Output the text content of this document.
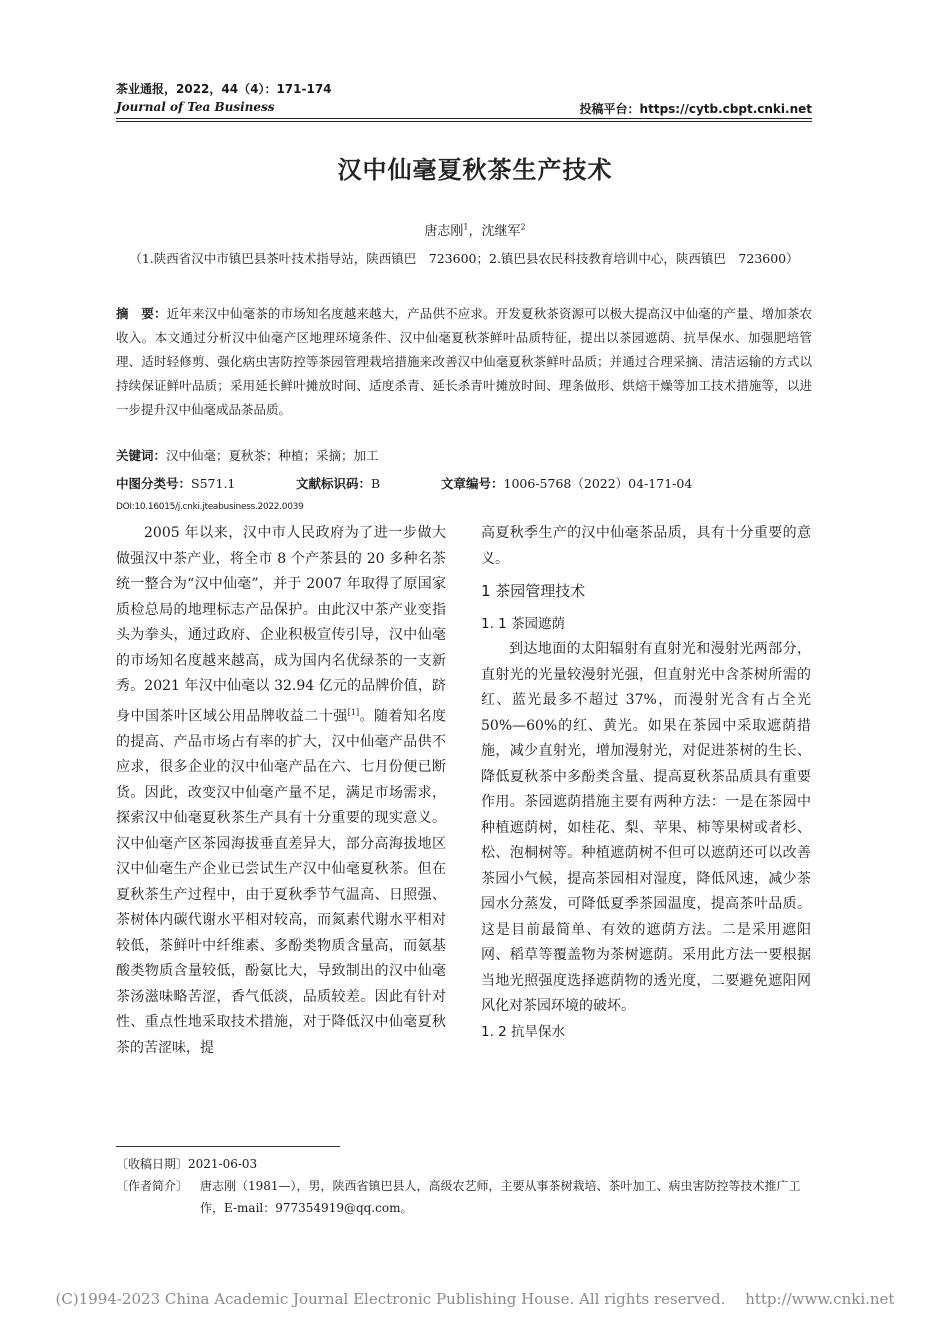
茶业通报，2022，44（4）：171-174
Journal of Tea Business	投稿平台：https://cytb.cbpt.cnki.net
汉中仙毫夏秋茶生产技术
唐志刚$^1$，沈继军$^2$
（1.陕西省汉中市镇巴县茶叶技术指导站，陕西镇巴　723600；2.镇巴县农民科技教育培训中心，陕西镇巴　723600）
摘　要：近年来汉中仙毫茶的市场知名度越来越大，产品供不应求。开发夏秋茶资源可以极大提高汉中仙毫的产量、增加茶农收入。本文通过分析汉中仙毫产区地理环境条件、汉中仙毫夏秋茶鲜叶品质特征，提出以茶园遮荫、抗旱保水、加强肥培管理、适时轻修剪、强化病虫害防控等茶园管理栽培措施来改善汉中仙毫夏秋茶鲜叶品质；并通过合理采摘、清洁运输的方式以持续保证鲜叶品质；采用延长鲜叶摊放时间、适度杀青、延长杀青叶摊放时间、理条做形、烘焙干燥等加工技术措施等，以进一步提升汉中仙毫成品茶品质。
关键词：汉中仙毫；夏秋茶；种植；采摘；加工
中图分类号：S571.1	文献标识码：B	文章编号：1006-5768（2022）04-171-04
DOI:10.16015/j.cnki.jteabusiness.2022.0039

2005 年以来，汉中市人民政府为了进一步做大做强汉中茶产业，将全市 8 个产茶县的 20 多种名茶统一整合为“汉中仙毫”，并于 2007 年取得了原国家质检总局的地理标志产品保护。由此汉中茶产业变指头为拳头，通过政府、企业积极宣传引导，汉中仙毫的市场知名度越来越高，成为国内名优绿茶的一支新秀。2021 年汉中仙毫以 32.94 亿元的品牌价值，跻身中国茶叶区域公用品牌收益二十强[1]。随着知名度的提高、产品市场占有率的扩大，汉中仙毫产品供不应求，很多企业的汉中仙毫产品在六、七月份便已断货。因此，改变汉中仙毫产量不足，满足市场需求，探索汉中仙毫夏秋茶生产具有十分重要的现实意义。汉中仙毫产区茶园海拔垂直差异大，部分高海拔地区汉中仙毫生产企业已尝试生产汉中仙毫夏秋茶。但在夏秋茶生产过程中，由于夏秋季节气温高、日照强、茶树体内碳代谢水平相对较高，而氮素代谢水平相对较低，茶鲜叶中纤维素、多酚类物质含量高，而氨基酸类物质含量较低，酚氨比大，导致制出的汉中仙毫茶汤滋味略苦涩，香气低淡，品质较差。因此有针对性、重点性地采取技术措施，对于降低汉中仙毫夏秋茶的苦涩味，提

高夏秋季生产的汉中仙毫茶品质，具有十分重要的意义。

1 茶园管理技术
1. 1 茶园遮荫

到达地面的太阳辐射有直射光和漫射光两部分，直射光的光量较漫射光强，但直射光中含茶树所需的红、蓝光最多不超过 37%，而漫射光含有占全光 50%—60%的红、黄光。如果在茶园中采取遮荫措施，减少直射光，增加漫射光，对促进茶树的生长、降低夏秋茶中多酚类含量、提高夏秋茶品质具有重要作用。茶园遮荫措施主要有两种方法：一是在茶园中种植遮荫树，如桂花、梨、苹果、柿等果树或者杉、松、泡桐树等。种植遮荫树不但可以遮荫还可以改善茶园小气候，提高茶园相对湿度，降低风速，减少茶园水分蒸发，可降低夏季茶园温度，提高茶叶品质。这是目前最简单、有效的遮荫方法。二是采用遮阳网、稻草等覆盖物为茶树遮荫。采用此方法一要根据当地光照强度选择遮荫物的透光度，二要避免遮阳网风化对茶园环境的破坏。

1. 2 抗旱保水
〔收稿日期〕2021-06-03
〔作者简介〕 唐志刚（1981—），男，陕西省镇巴县人，高级农艺师，主要从事茶树栽培、茶叶加工、病虫害防控等技术推广工作，E-mail：977354919@qq.com。
(C)1994-2023 China Academic Journal Electronic Publishing House. All rights reserved.　 http://www.cnki.net
